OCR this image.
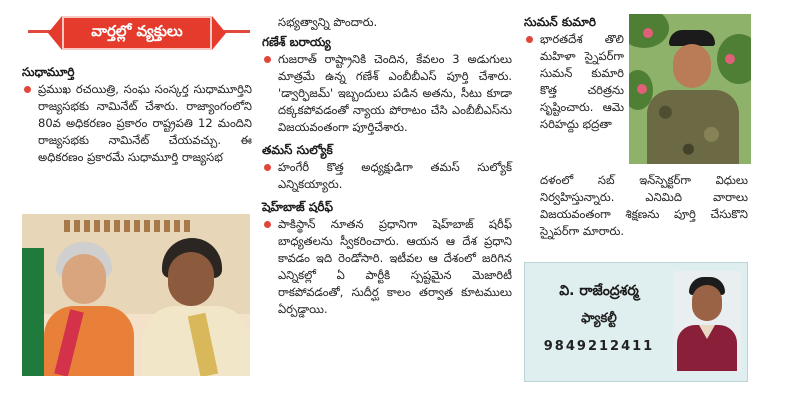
వార్తల్లో వ్యక్తులు

సుధామూర్తి

ప్రముఖ రచయిత్రి, సంఘ సంస్కర్త సుధామూర్తిని రాజ్యసభకు నామినేట్ చేశారు. రాజ్యాంగంలోని 80వ అధికరణం ప్రకారం రాష్ట్రపతి 12 మందిని రాజ్యసభకు నామినేట్ చేయవచ్చు. ఈ అధికరణం ప్రకారమే సుధామూర్తి రాజ్యసభ

సభ్యత్వాన్ని పొందారు.

గణేశ్ బరాయ్య

గుజరాత్ రాష్ట్రానికి చెందిన, కేవలం 3 అడుగులు మాత్రమే ఉన్న గణేశ్ ఎంబీబీఎస్ పూర్తి చేశారు. 'డ్వార్ఫిజమ్' ఇబ్బందులు పడిన అతను, సీటు కూడా దక్కకపోవడంతో న్యాయ పోరాటం చేసి ఎంబీబీఎస్‌ను విజయవంతంగా పూర్తిచేశారు.

తమస్ సుల్యోక్

హంగేరీ కొత్త అధ్యక్షుడిగా తమస్ సుల్యోక్ ఎన్నికయ్యారు.

షెహ్‌బాజ్ షరీఫ్

పాకిస్థాన్ నూతన ప్రధానిగా షెహ్‌బాజ్ షరీఫ్ బాధ్యతలను స్వీకరించారు. ఆయన ఆ దేశ ప్రధాని కావడం ఇది రెండోసారి. ఇటీవల ఆ దేశంలో జరిగిన ఎన్నికల్లో ఏ పార్టీకి స్పష్టమైన మెజారిటీ రాకపోవడంతో, సుదీర్ఘ కాలం తర్వాత కూటములు ఏర్పడ్డాయి.

సుమన్ కుమారి

భారతదేశ తొలి మహిళా స్నైపర్‌గా సుమన్ కుమారి కొత్త చరిత్రను సృష్టించారు. ఆమె సరిహద్దు భద్రతా

దళంలో సబ్ ఇన్‌స్పెక్టర్‌గా విధులు నిర్వహిస్తున్నారు. ఎనిమిది వారాలు విజయవంతంగా శిక్షణను పూర్తి చేసుకొని స్నైపర్‌గా మారారు.

వి. రాజేంద్రశర్మ
ఫ్యాకల్టీ
9849212411
